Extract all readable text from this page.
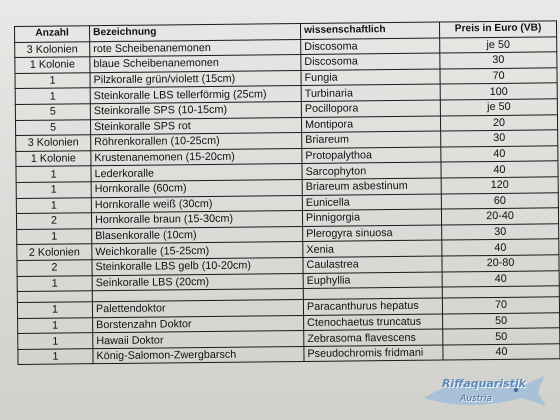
Anzahl	Bezeichnung	wissenschaftlich	Preis in Euro (VB)
3 Kolonien	rote Scheibenanemonen	Discosoma	je 50
1 Kolonie	blaue Scheibenanemonen	Discosoma	30
1	Pilzkoralle grün/violett (15cm)	Fungia	70
1	Steinkoralle LBS tellerförmig (25cm)	Turbinaria	100
5	Steinkoralle SPS (10-15cm)	Pocillopora	je 50
5	Steinkoralle SPS rot	Montipora	20
3 Kolonien	Röhrenkorallen (10-25cm)	Briareum	30
1 Kolonie	Krustenanemonen (15-20cm)	Protopalythoa	40
1	Lederkoralle	Sarcophyton	40
1	Hornkoralle (60cm)	Briareum asbestinum	120
1	Hornkoralle weiß (30cm)	Eunicella	60
2	Hornkoralle braun (15-30cm)	Pinnigorgia	20-40
1	Blasenkoralle (10cm)	Plerogyra sinuosa	30
2 Kolonien	Weichkoralle (15-25cm)	Xenia	40
2	Steinkoralle LBS gelb (10-20cm)	Caulastrea	20-80
1	Seinkoralle LBS (20cm)	Euphyllia	40

1	Palettendoktor	Paracanthurus hepatus	70
1	Borstenzahn Doktor	Ctenochaetus truncatus	50
1	Hawaii Doktor	Zebrasoma flavescens	50
1	König-Salomon-Zwergbarsch	Pseudochromis fridmani	40
Riffaquaristik
Austria
